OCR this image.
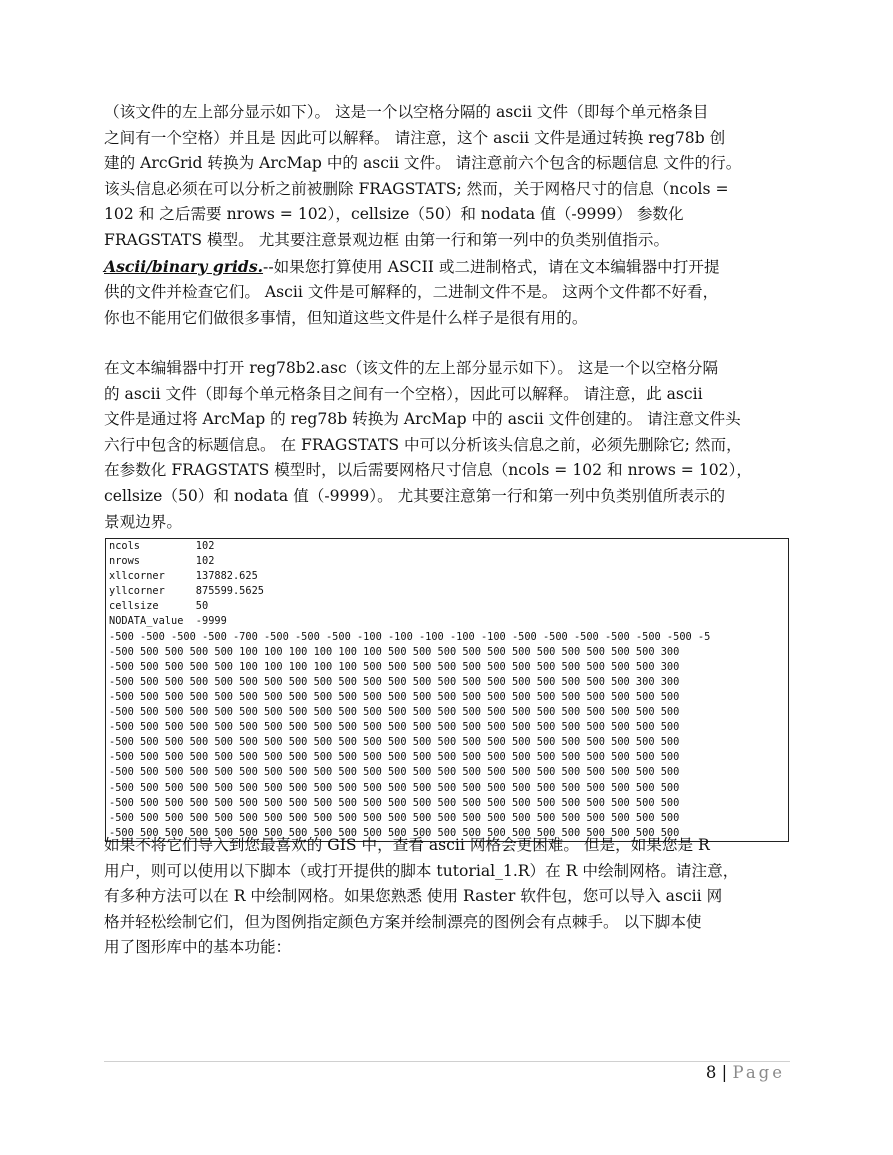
（该文件的左上部分显示如下）。 这是一个以空格分隔的 ascii 文件（即每个单元格条目
之间有一个空格）并且是 因此可以解释。 请注意，这个 ascii 文件是通过转换 reg78b 创
建的 ArcGrid 转换为 ArcMap 中的 ascii 文件。 请注意前六个包含的标题信息 文件的行。
该头信息必须在可以分析之前被删除 FRAGSTATS; 然而，关于网格尺寸的信息（ncols =
102 和 之后需要 nrows = 102），cellsize（50）和 nodata 值（-9999） 参数化
FRAGSTATS 模型。 尤其要注意景观边框 由第一行和第一列中的负类别值指示。
Ascii/binary grids.--如果您打算使用 ASCII 或二进制格式，请在文本编辑器中打开提
供的文件并检查它们。 Ascii 文件是可解释的，二进制文件不是。 这两个文件都不好看，
你也不能用它们做很多事情，但知道这些文件是什么样子是很有用的。
在文本编辑器中打开 reg78b2.asc（该文件的左上部分显示如下）。 这是一个以空格分隔
的 ascii 文件（即每个单元格条目之间有一个空格），因此可以解释。 请注意，此 ascii
文件是通过将 ArcMap 的 reg78b 转换为 ArcMap 中的 ascii 文件创建的。 请注意文件头
六行中包含的标题信息。 在 FRAGSTATS 中可以分析该头信息之前，必须先删除它; 然而，
在参数化 FRAGSTATS 模型时，以后需要网格尺寸信息（ncols = 102 和 nrows = 102），
cellsize（50）和 nodata 值（-9999）。 尤其要注意第一行和第一列中负类别值所表示的
景观边界。
ncols         102
nrows         102
xllcorner     137882.625
yllcorner     875599.5625
cellsize      50
NODATA_value  -9999
-500 -500 -500 -500 -700 -500 -500 -500 -100 -100 -100 -100 -100 -500 -500 -500 -500 -500 -500 -5
-500 500 500 500 500 100 100 100 100 100 100 500 500 500 500 500 500 500 500 500 500 500 300
-500 500 500 500 500 100 100 100 100 100 500 500 500 500 500 500 500 500 500 500 500 500 300
-500 500 500 500 500 500 500 500 500 500 500 500 500 500 500 500 500 500 500 500 500 300 300
-500 500 500 500 500 500 500 500 500 500 500 500 500 500 500 500 500 500 500 500 500 500 500
-500 500 500 500 500 500 500 500 500 500 500 500 500 500 500 500 500 500 500 500 500 500 500
-500 500 500 500 500 500 500 500 500 500 500 500 500 500 500 500 500 500 500 500 500 500 500
-500 500 500 500 500 500 500 500 500 500 500 500 500 500 500 500 500 500 500 500 500 500 500
-500 500 500 500 500 500 500 500 500 500 500 500 500 500 500 500 500 500 500 500 500 500 500
-500 500 500 500 500 500 500 500 500 500 500 500 500 500 500 500 500 500 500 500 500 500 500
-500 500 500 500 500 500 500 500 500 500 500 500 500 500 500 500 500 500 500 500 500 500 500
-500 500 500 500 500 500 500 500 500 500 500 500 500 500 500 500 500 500 500 500 500 500 500
-500 500 500 500 500 500 500 500 500 500 500 500 500 500 500 500 500 500 500 500 500 500 500
-500 500 500 500 500 500 500 500 500 500 500 500 500 500 500 500 500 500 500 500 500 500 500
如果不将它们导入到您最喜欢的 GIS 中，查看 ascii 网格会更困难。 但是，如果您是 R
用户，则可以使用以下脚本（或打开提供的脚本 tutorial_1.R）在 R 中绘制网格。请注意，
有多种方法可以在 R 中绘制网格。如果您熟悉 使用 Raster 软件包，您可以导入 ascii 网
格并轻松绘制它们，但为图例指定颜色方案并绘制漂亮的图例会有点棘手。 以下脚本使
用了图形库中的基本功能：
8 | Page
